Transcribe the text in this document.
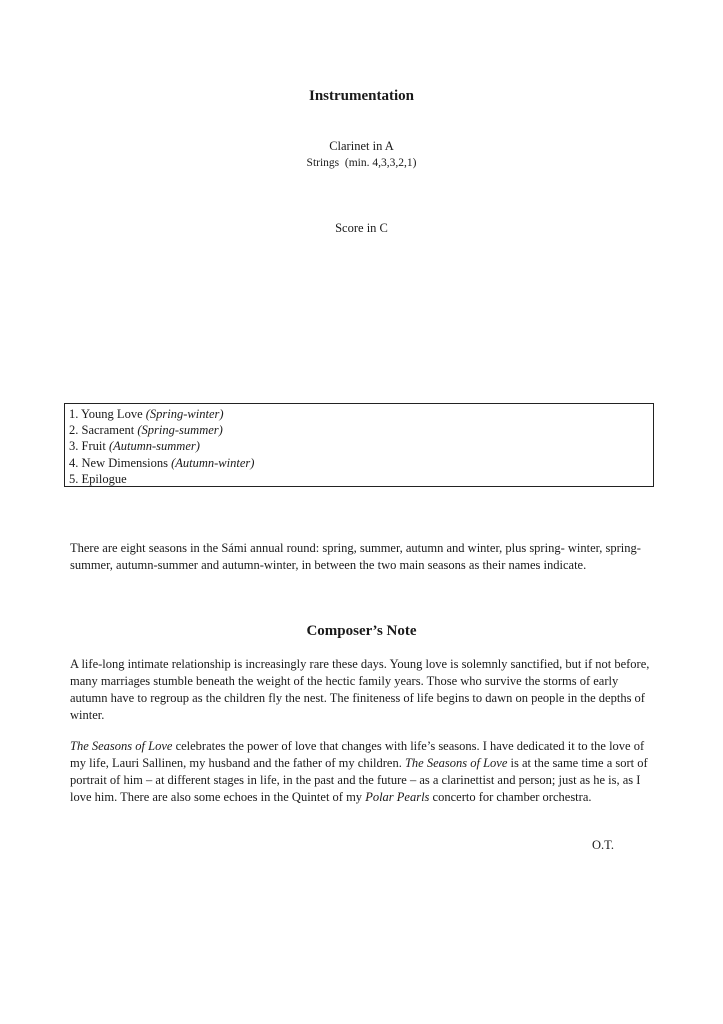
Instrumentation
Clarinet in A
Strings  (min. 4,3,3,2,1)
Score in C
1. Young Love (Spring-winter)
2. Sacrament (Spring-summer)
3. Fruit (Autumn-summer)
4. New Dimensions (Autumn-winter)
5. Epilogue
There are eight seasons in the Sámi annual round: spring, summer, autumn and winter, plus spring- winter, spring-summer, autumn-summer and autumn-winter, in between the two main seasons as their names indicate.
Composer’s Note
A life-long intimate relationship is increasingly rare these days. Young love is solemnly sanctified, but if not before, many marriages stumble beneath the weight of the hectic family years. Those who survive the storms of early autumn have to regroup as the children fly the nest. The finiteness of life begins to dawn on people in the depths of winter.
The Seasons of Love celebrates the power of love that changes with life’s seasons. I have dedicated it to the love of my life, Lauri Sallinen, my husband and the father of my children. The Seasons of Love is at the same time a sort of portrait of him – at different stages in life, in the past and the future – as a clarinettist and person; just as he is, as I love him. There are also some echoes in the Quintet of my Polar Pearls concerto for chamber orchestra.
O.T.
